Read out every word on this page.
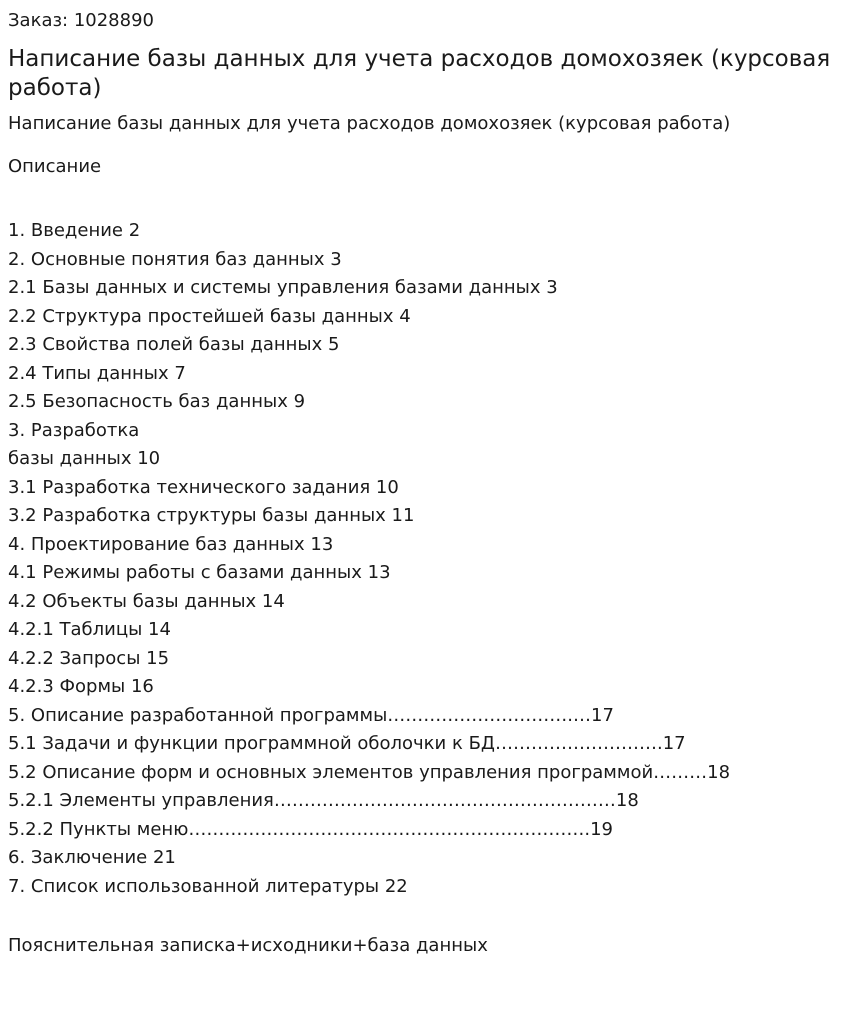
Заказ: 1028890

Написание базы данных для учета расходов домохозяек (курсовая работа)

Написание базы данных для учета расходов домохозяек (курсовая работа)

Описание
1. Введение 2
2. Основные понятия баз данных 3
2.1 Базы данных и системы управления базами данных 3
2.2 Структура простейшей базы данных 4
2.3 Свойства полей базы данных 5
2.4 Типы данных 7
2.5 Безопасность баз данных 9
3. Разработка
базы данных 10
3.1 Разработка технического задания 10
3.2 Разработка структуры базы данных 11
4. Проектирование баз данных 13
4.1 Режимы работы с базами данных 13
4.2 Объекты базы данных 14
4.2.1 Таблицы 14
4.2.2 Запросы 15
4.2.3 Формы 16
5. Описание разработанной программы………………………….…17
5.1 Задачи и функции программной оболочки к БД……………………….17
5.2 Описание форм и основных элементов управления программой………18
5.2.1 Элементы управления…………………………………………………18
5.2.2 Пункты меню………………………………………………………….19
6. Заключение 21
7. Список использованной литературы 22

Пояснительная записка+исходники+база данных
